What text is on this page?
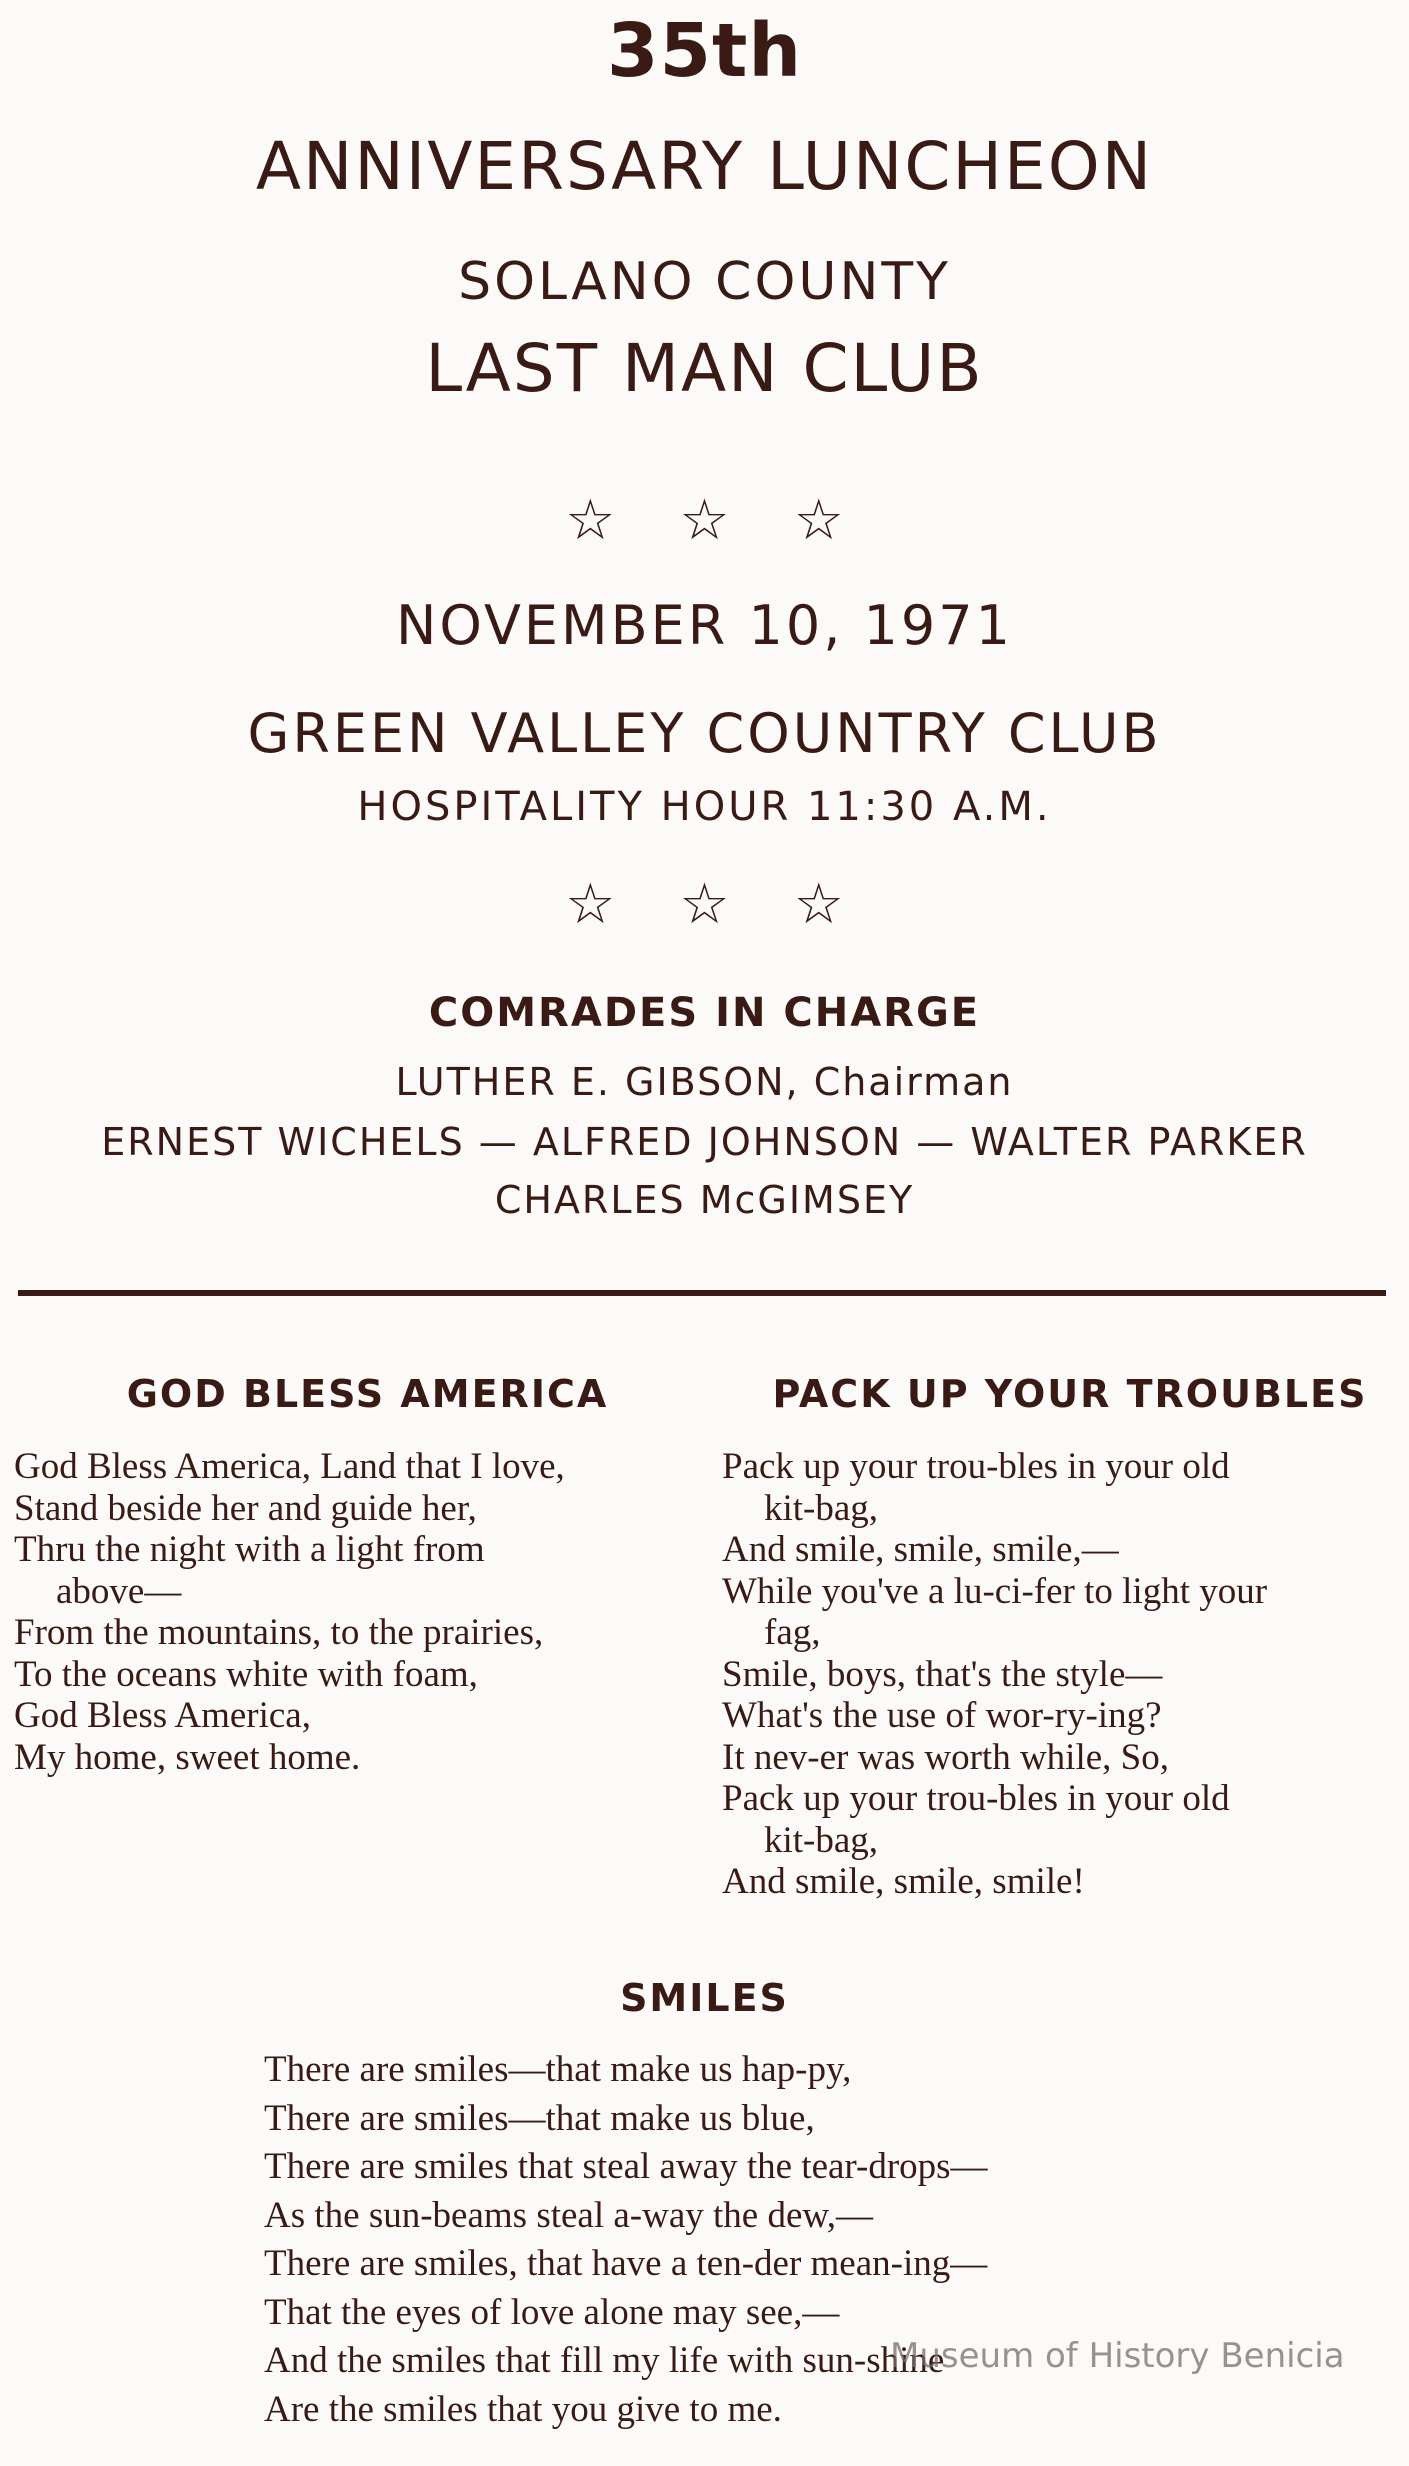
35th
ANNIVERSARY LUNCHEON
SOLANO COUNTY
LAST MAN CLUB
☆☆☆
NOVEMBER 10, 1971
GREEN VALLEY COUNTRY CLUB
HOSPITALITY HOUR 11:30 A.M.
☆☆☆
COMRADES IN CHARGE
LUTHER E. GIBSON, Chairman
ERNEST WICHELS — ALFRED JOHNSON — WALTER PARKER
CHARLES McGIMSEY
GOD BLESS AMERICA
God Bless America, Land that I love,
Stand beside her and guide her,
Thru the night with a light from
above—
From the mountains, to the prairies,
To the oceans white with foam,
God Bless America,
My home, sweet home.
PACK UP YOUR TROUBLES
Pack up your trou-bles in your old
kit-bag,
And smile, smile, smile,—
While you've a lu-ci-fer to light your
fag,
Smile, boys, that's the style—
What's the use of wor-ry-ing?
It nev-er was worth while, So,
Pack up your trou-bles in your old
kit-bag,
And smile, smile, smile!
SMILES
There are smiles—that make us hap-py,
There are smiles—that make us blue,
There are smiles that steal away the tear-drops—
As the sun-beams steal a-way the dew,—
There are smiles, that have a ten-der mean-ing—
That the eyes of love alone may see,—
And the smiles that fill my life with sun-shine
Are the smiles that you give to me.
Museum of History Benicia
